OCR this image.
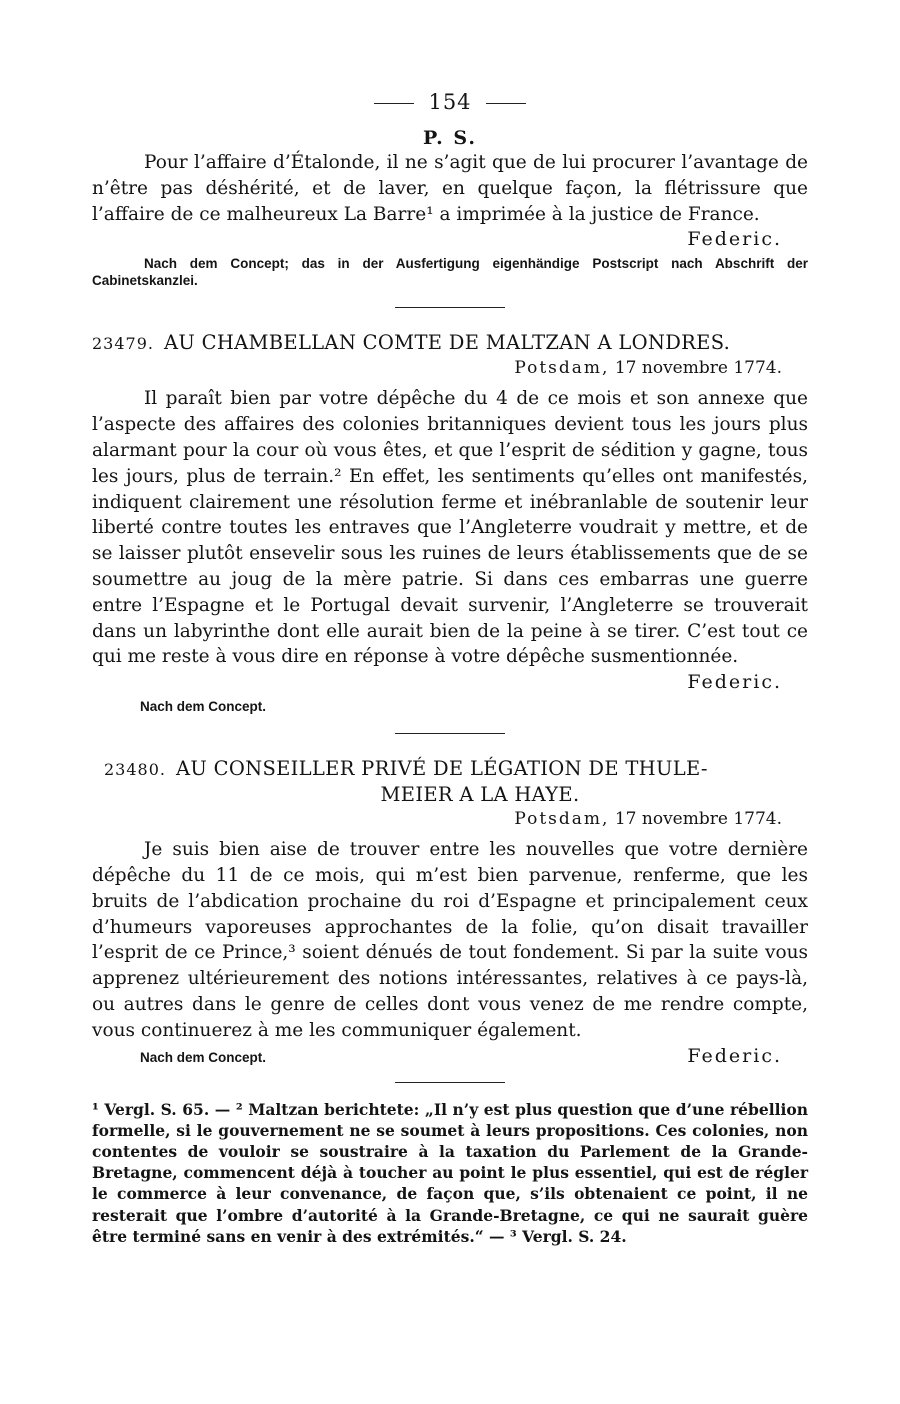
154
P. S.

Pour l’affaire d’Étalonde, il ne s’agit que de lui procurer l’avantage de n’être pas déshérité, et de laver, en quelque façon, la flétrissure que l’affaire de ce malheureux La Barre¹ a imprimée à la justice de France.

Federic.

Nach dem Concept; das in der Ausfertigung eigenhändige Postscript nach Abschrift der Cabinetskanzlei.

23479. AU CHAMBELLAN COMTE DE MALTZAN A LONDRES.

Potsdam, 17 novembre 1774.

Il paraît bien par votre dépêche du 4 de ce mois et son annexe que l’aspecte des affaires des colonies britanniques devient tous les jours plus alarmant pour la cour où vous êtes, et que l’esprit de sédition y gagne, tous les jours, plus de terrain.² En effet, les sentiments qu’elles ont manifestés, indiquent clairement une résolution ferme et inébranlable de soutenir leur liberté contre toutes les entraves que l’Angleterre voudrait y mettre, et de se laisser plutôt ensevelir sous les ruines de leurs établissements que de se soumettre au joug de la mère patrie. Si dans ces embarras une guerre entre l’Espagne et le Portugal devait survenir, l’Angleterre se trouverait dans un labyrinthe dont elle aurait bien de la peine à se tirer. C’est tout ce qui me reste à vous dire en réponse à votre dépêche susmentionnée.

Federic.

Nach dem Concept.

23480. AU CONSEILLER PRIVÉ DE LÉGATION DE THULE-

MEIER A LA HAYE.

Potsdam, 17 novembre 1774.

Je suis bien aise de trouver entre les nouvelles que votre dernière dépêche du 11 de ce mois, qui m’est bien parvenue, renferme, que les bruits de l’abdication prochaine du roi d’Espagne et principalement ceux d’humeurs vaporeuses approchantes de la folie, qu’on disait travailler l’esprit de ce Prince,³ soient dénués de tout fondement. Si par la suite vous apprenez ultérieurement des notions intéressantes, relatives à ce pays-là, ou autres dans le genre de celles dont vous venez de me rendre compte, vous continuerez à me les communiquer également.

Nach dem Concept.	Federic.

¹ Vergl. S. 65. — ² Maltzan berichtete: „Il n’y est plus question que d’une rébellion formelle, si le gouvernement ne se soumet à leurs propositions. Ces colonies, non contentes de vouloir se soustraire à la taxation du Parlement de la Grande-Bretagne, commencent déjà à toucher au point le plus essentiel, qui est de régler le commerce à leur convenance, de façon que, s’ils obtenaient ce point, il ne resterait que l’ombre d’autorité à la Grande-Bretagne, ce qui ne saurait guère être terminé sans en venir à des extrémités.“ — ³ Vergl. S. 24.
